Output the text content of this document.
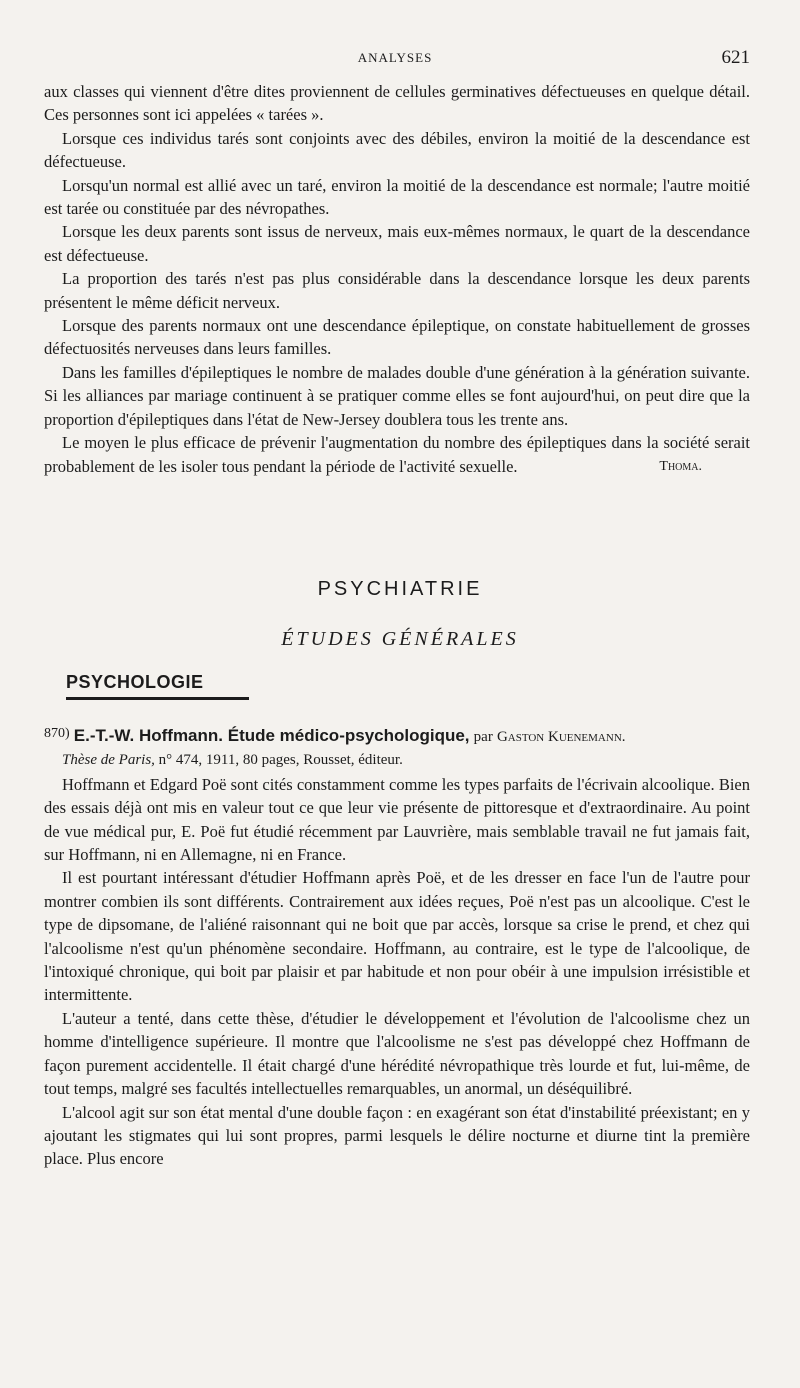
ANALYSES	621

aux classes qui viennent d'être dites proviennent de cellules germinatives défectueuses en quelque détail. Ces personnes sont ici appelées « tarées ».

Lorsque ces individus tarés sont conjoints avec des débiles, environ la moitié de la descendance est défectueuse.

Lorsqu'un normal est allié avec un taré, environ la moitié de la descendance est normale; l'autre moitié est tarée ou constituée par des névropathes.

Lorsque les deux parents sont issus de nerveux, mais eux-mêmes normaux, le quart de la descendance est défectueuse.

La proportion des tarés n'est pas plus considérable dans la descendance lorsque les deux parents présentent le même déficit nerveux.

Lorsque des parents normaux ont une descendance épileptique, on constate habituellement de grosses défectuosités nerveuses dans leurs familles.

Dans les familles d'épileptiques le nombre de malades double d'une génération à la génération suivante. Si les alliances par mariage continuent à se pratiquer comme elles se font aujourd'hui, on peut dire que la proportion d'épileptiques dans l'état de New-Jersey doublera tous les trente ans.

Le moyen le plus efficace de prévenir l'augmentation du nombre des épileptiques dans la société serait probablement de les isoler tous pendant la période de l'activité sexuelle.	Thoma.
PSYCHIATRIE
ÉTUDES GÉNÉRALES
PSYCHOLOGIE

$^{870)}$ E.-T.-W. Hoffmann. Étude médico-psychologique, par Gaston Kuenemann.
Thèse de Paris, n° 474, 1911, 80 pages, Rousset, éditeur.

Hoffmann et Edgard Poë sont cités constamment comme les types parfaits de l'écrivain alcoolique. Bien des essais déjà ont mis en valeur tout ce que leur vie présente de pittoresque et d'extraordinaire. Au point de vue médical pur, E. Poë fut étudié récemment par Lauvrière, mais semblable travail ne fut jamais fait, sur Hoffmann, ni en Allemagne, ni en France.

Il est pourtant intéressant d'étudier Hoffmann après Poë, et de les dresser en face l'un de l'autre pour montrer combien ils sont différents. Contrairement aux idées reçues, Poë n'est pas un alcoolique. C'est le type de dipsomane, de l'aliéné raisonnant qui ne boit que par accès, lorsque sa crise le prend, et chez qui l'alcoolisme n'est qu'un phénomène secondaire. Hoffmann, au contraire, est le type de l'alcoolique, de l'intoxiqué chronique, qui boit par plaisir et par habitude et non pour obéir à une impulsion irrésistible et intermittente.

L'auteur a tenté, dans cette thèse, d'étudier le développement et l'évolution de l'alcoolisme chez un homme d'intelligence supérieure. Il montre que l'alcoolisme ne s'est pas développé chez Hoffmann de façon purement accidentelle. Il était chargé d'une hérédité névropathique très lourde et fut, lui-même, de tout temps, malgré ses facultés intellectuelles remarquables, un anormal, un déséquilibré.

L'alcool agit sur son état mental d'une double façon : en exagérant son état d'instabilité préexistant; en y ajoutant les stigmates qui lui sont propres, parmi lesquels le délire nocturne et diurne tint la première place. Plus encore
